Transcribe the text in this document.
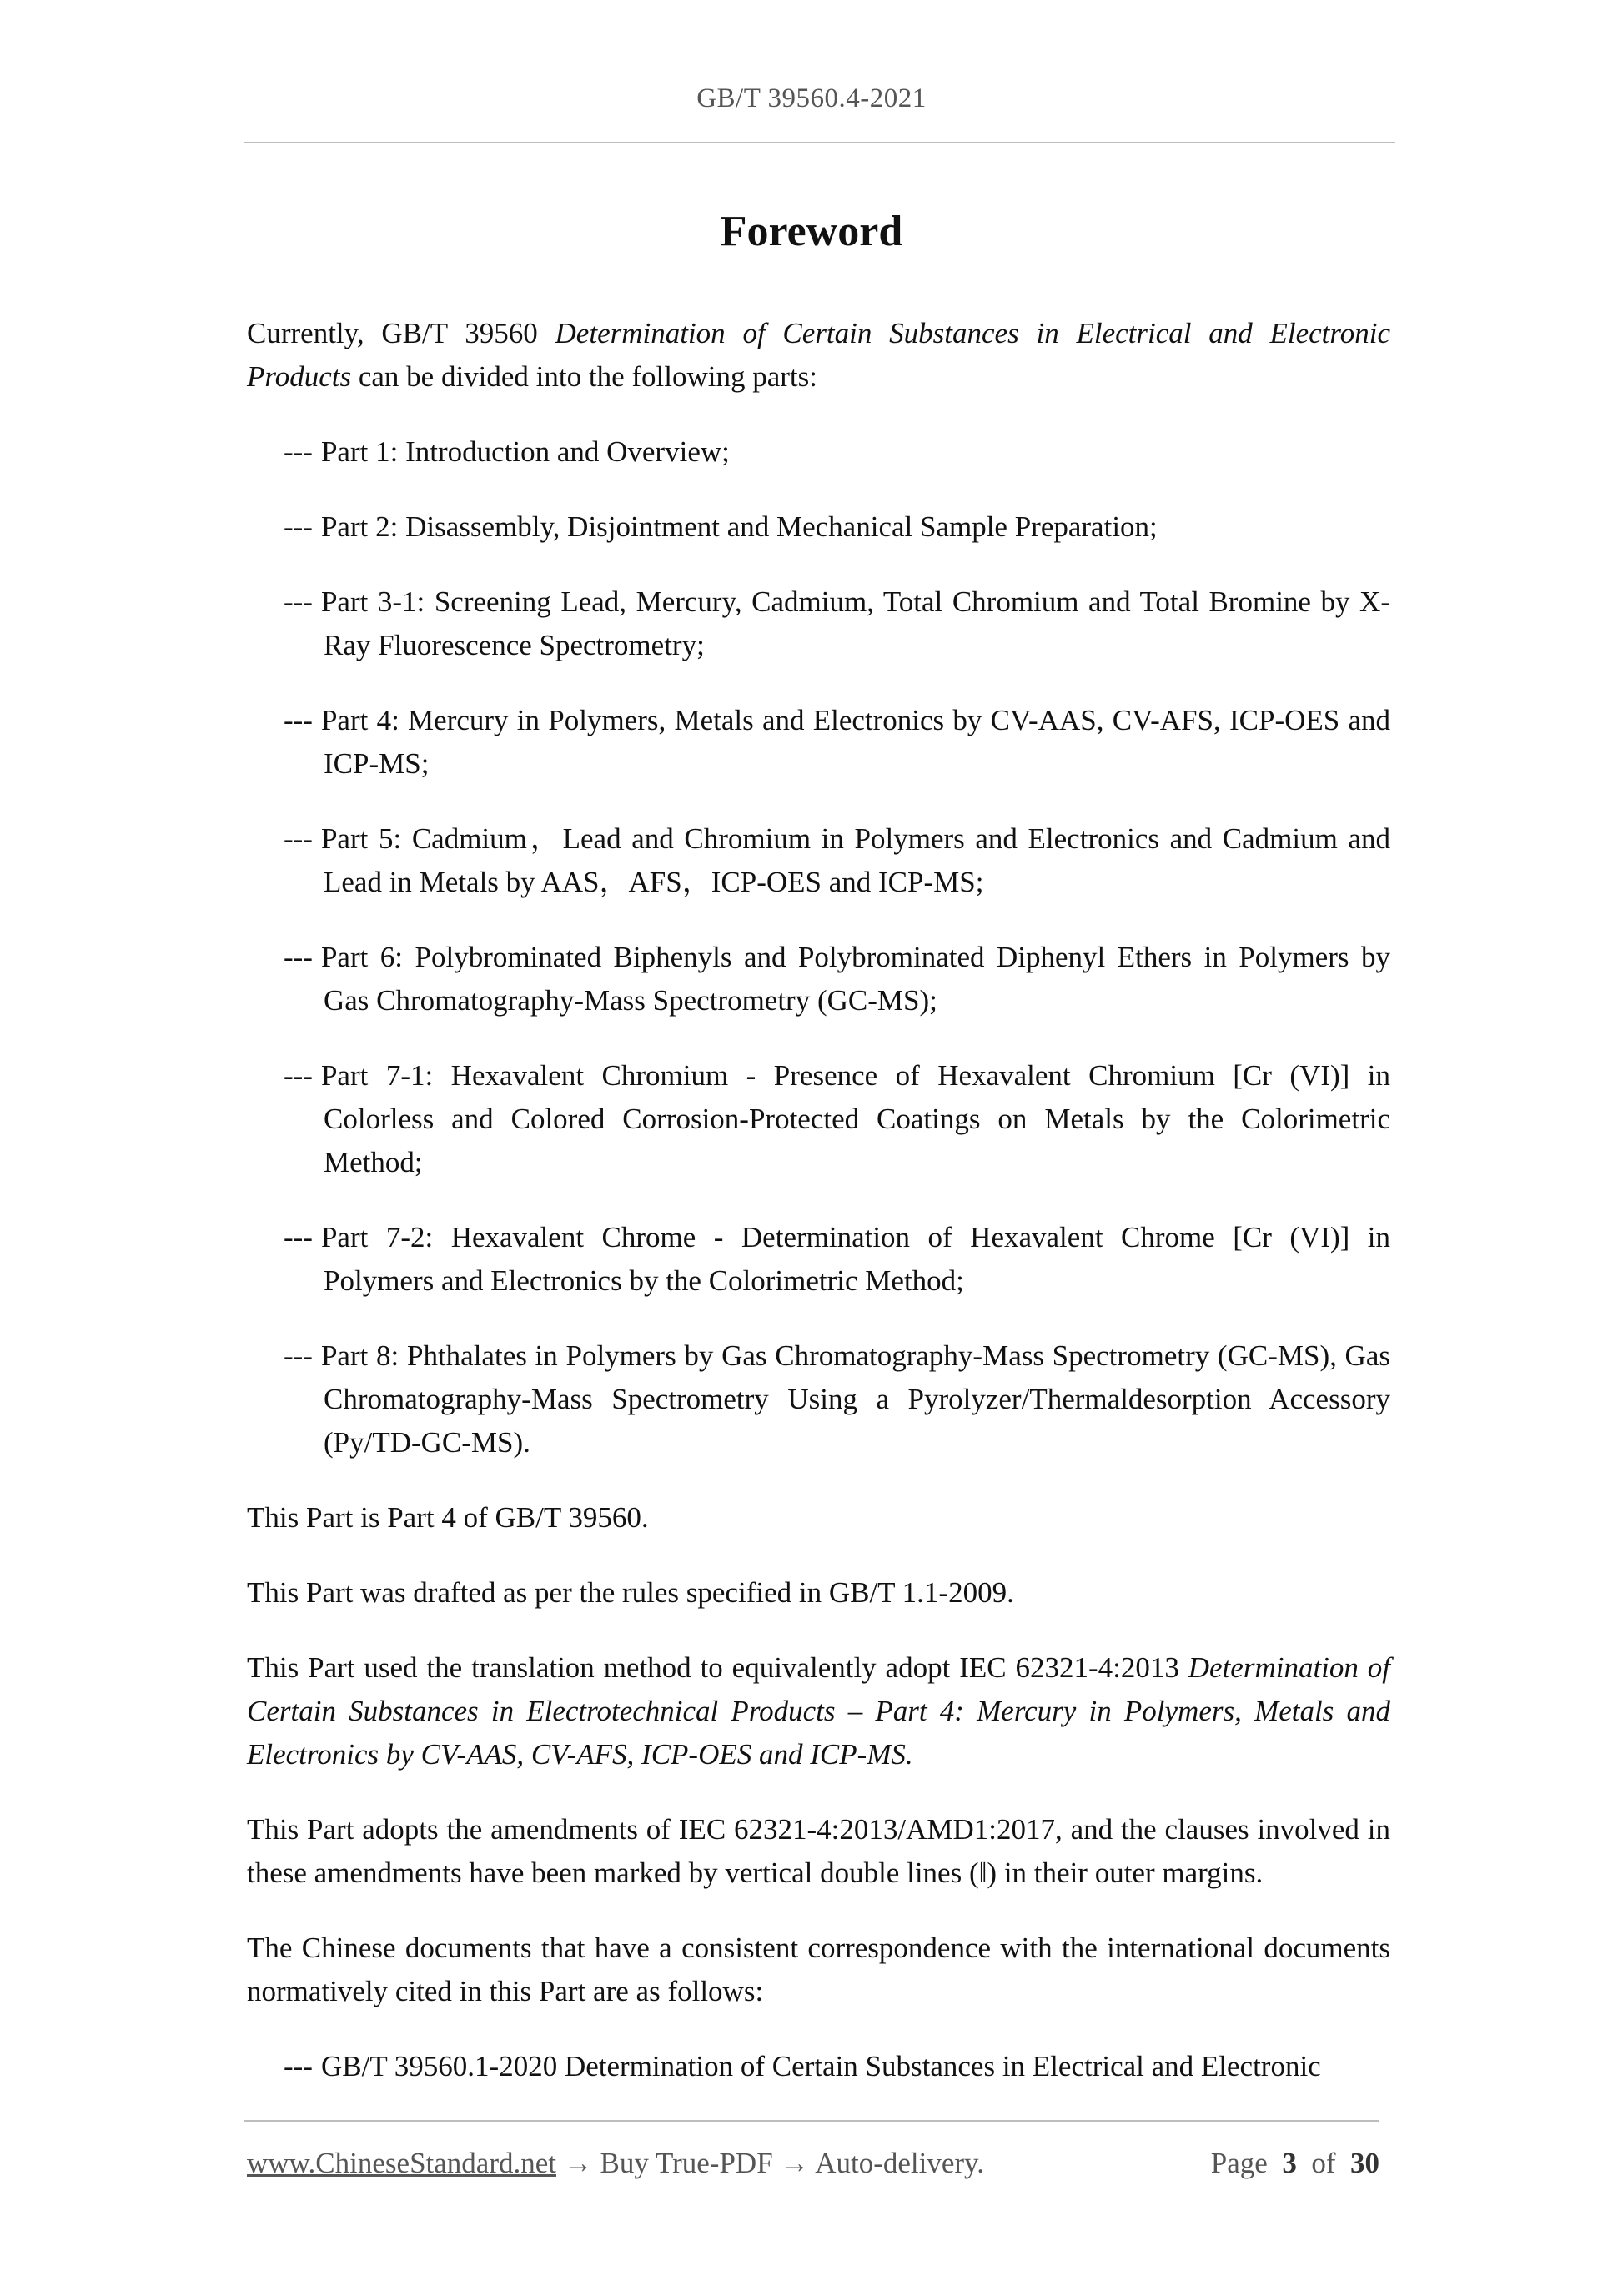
GB/T 39560.4-2021
Foreword

Currently, GB/T 39560 Determination of Certain Substances in Electrical and Electronic Products can be divided into the following parts:

--- Part 1: Introduction and Overview;
--- Part 2: Disassembly, Disjointment and Mechanical Sample Preparation;
--- Part 3-1: Screening Lead, Mercury, Cadmium, Total Chromium and Total Bromine by X-Ray Fluorescence Spectrometry;
--- Part 4: Mercury in Polymers, Metals and Electronics by CV-AAS, CV-AFS, ICP-OES and ICP-MS;
--- Part 5: Cadmium，Lead and Chromium in Polymers and Electronics and Cadmium and Lead in Metals by AAS，AFS，ICP-OES and ICP-MS;
--- Part 6: Polybrominated Biphenyls and Polybrominated Diphenyl Ethers in Polymers by Gas Chromatography-Mass Spectrometry (GC-MS);
--- Part 7-1: Hexavalent Chromium - Presence of Hexavalent Chromium [Cr (VI)] in Colorless and Colored Corrosion-Protected Coatings on Metals by the Colorimetric Method;
--- Part 7-2: Hexavalent Chrome - Determination of Hexavalent Chrome [Cr (VI)] in Polymers and Electronics by the Colorimetric Method;
--- Part 8: Phthalates in Polymers by Gas Chromatography-Mass Spectrometry (GC-MS), Gas Chromatography-Mass Spectrometry Using a Pyrolyzer/Thermaldesorption Accessory (Py/TD-GC-MS).

This Part is Part 4 of GB/T 39560.

This Part was drafted as per the rules specified in GB/T 1.1-2009.

This Part used the translation method to equivalently adopt IEC 62321-4:2013 Determination of Certain Substances in Electrotechnical Products – Part 4: Mercury in Polymers, Metals and Electronics by CV-AAS, CV-AFS, ICP-OES and ICP-MS.

This Part adopts the amendments of IEC 62321-4:2013/AMD1:2017, and the clauses involved in these amendments have been marked by vertical double lines (‖) in their outer margins.

The Chinese documents that have a consistent correspondence with the international documents normatively cited in this Part are as follows:

--- GB/T 39560.1-2020 Determination of Certain Substances in Electrical and Electronic
www.ChineseStandard.net → Buy True-PDF → Auto-delivery.	Page 3 of 30
